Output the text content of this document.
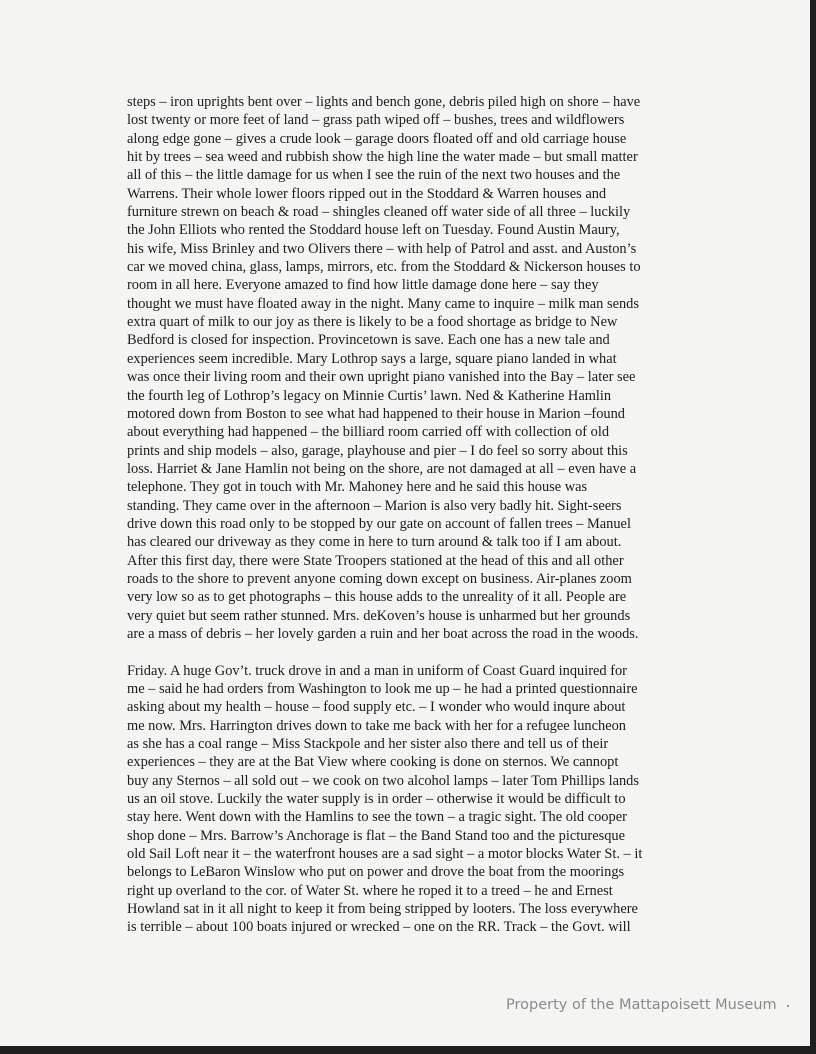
steps – iron uprights bent over – lights and bench gone, debris piled high on shore – have
lost twenty or more feet of land – grass path wiped off – bushes, trees and wildflowers
along edge gone – gives a crude look – garage doors floated off and old carriage house
hit by trees – sea weed and rubbish show the high line the water made – but small matter
all of this – the little damage for us when I see the ruin of the next two houses and the
Warrens. Their whole lower floors ripped out in the Stoddard & Warren houses and
furniture strewn on beach & road – shingles cleaned off water side of all three – luckily
the John Elliots who rented the Stoddard house left on Tuesday. Found Austin Maury,
his wife, Miss Brinley and two Olivers there – with help of Patrol and asst. and Auston’s
car we moved china, glass, lamps, mirrors, etc. from the Stoddard & Nickerson houses to
room in all here. Everyone amazed to find how little damage done here – say they
thought we must have floated away in the night. Many came to inquire – milk man sends
extra quart of milk to our joy as there is likely to be a food shortage as bridge to New
Bedford is closed for inspection. Provincetown is save. Each one has a new tale and
experiences seem incredible. Mary Lothrop says a large, square piano landed in what
was once their living room and their own upright piano vanished into the Bay – later see
the fourth leg of Lothrop’s legacy on Minnie Curtis’ lawn. Ned & Katherine Hamlin
motored down from Boston to see what had happened to their house in Marion –found
about everything had happened – the billiard room carried off with collection of old
prints and ship models – also, garage, playhouse and pier – I do feel so sorry about this
loss. Harriet & Jane Hamlin not being on the shore, are not damaged at all – even have a
telephone. They got in touch with Mr. Mahoney here and he said this house was
standing. They came over in the afternoon – Marion is also very badly hit. Sight-seers
drive down this road only to be stopped by our gate on account of fallen trees – Manuel
has cleared our driveway as they come in here to turn around & talk too if I am about.
After this first day, there were State Troopers stationed at the head of this and all other
roads to the shore to prevent anyone coming down except on business. Air-planes zoom
very low so as to get photographs – this house adds to the unreality of it all. People are
very quiet but seem rather stunned. Mrs. deKoven’s house is unharmed but her grounds
are a mass of debris – her lovely garden a ruin and her boat across the road in the woods.
Friday. A huge Gov’t. truck drove in and a man in uniform of Coast Guard inquired for
me – said he had orders from Washington to look me up – he had a printed questionnaire
asking about my health – house – food supply etc. – I wonder who would inqure about
me now. Mrs. Harrington drives down to take me back with her for a refugee luncheon
as she has a coal range – Miss Stackpole and her sister also there and tell us of their
experiences – they are at the Bat View where cooking is done on sternos. We cannopt
buy any Sternos – all sold out – we cook on two alcohol lamps – later Tom Phillips lands
us an oil stove. Luckily the water supply is in order – otherwise it would be difficult to
stay here. Went down with the Hamlins to see the town – a tragic sight. The old cooper
shop done – Mrs. Barrow’s Anchorage is flat – the Band Stand too and the picturesque
old Sail Loft near it – the waterfront houses are a sad sight – a motor blocks Water St. – it
belongs to LeBaron Winslow who put on power and drove the boat from the moorings
right up overland to the cor. of Water St. where he roped it to a treed – he and Ernest
Howland sat in it all night to keep it from being stripped by looters. The loss everywhere
is terrible – about 100 boats injured or wrecked – one on the RR. Track – the Govt. will
Property of the Mattapoisett Museum
